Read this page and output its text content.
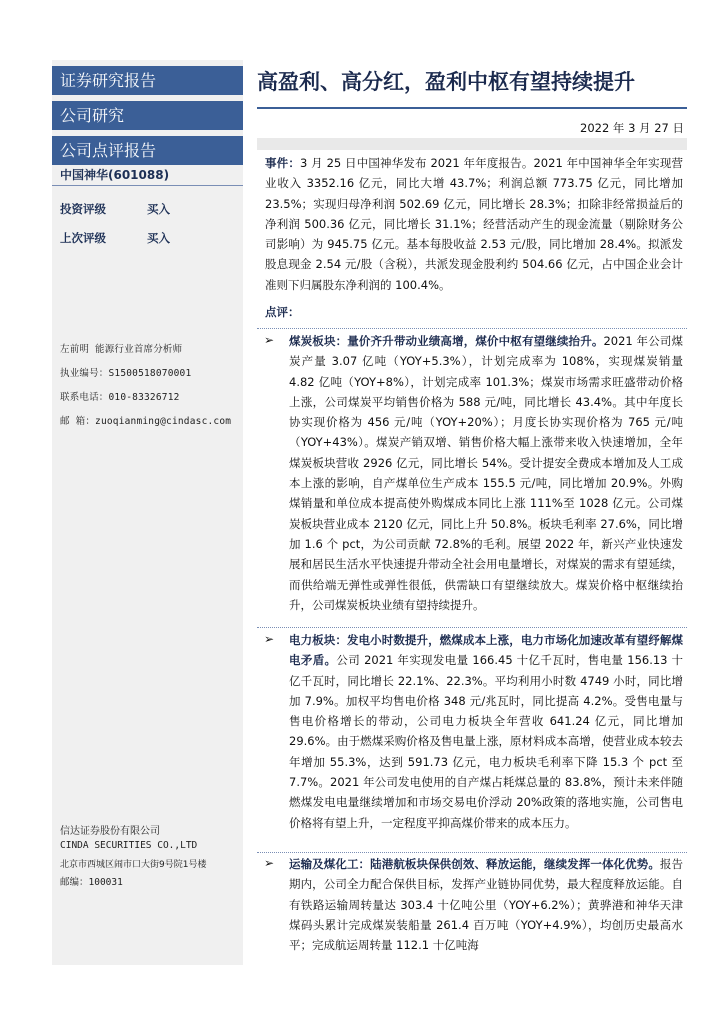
证券研究报告
公司研究
公司点评报告
中国神华(601088)
投资评级	买入
上次评级	买入
左前明 能源行业首席分析师
执业编号：S1500518070001
联系电话：010-83326712
邮 箱：zuoqianming@cindasc.com
信达证券股份有限公司
CINDA SECURITIES CO.,LTD
北京市西城区闹市口大街9号院1号楼
邮编：100031
高盈利、高分红，盈利中枢有望持续提升
2022 年 3 月 27 日
事件：3 月 25 日中国神华发布 2021 年年度报告。2021 年中国神华全年实现营业收入 3352.16 亿元，同比大增 43.7%；利润总额 773.75 亿元，同比增加 23.5%；实现归母净利润 502.69 亿元，同比增长 28.3%；扣除非经常损益后的净利润 500.36 亿元，同比增长 31.1%；经营活动产生的现金流量（剔除财务公司影响）为 945.75 亿元。基本每股收益 2.53 元/股，同比增加 28.4%。拟派发股息现金 2.54 元/股（含税），共派发现金股利约 504.66 亿元，占中国企业会计准则下归属股东净利润的 100.4%。
点评：
➢ 煤炭板块：量价齐升带动业绩高增，煤价中枢有望继续抬升。2021 年公司煤炭产量 3.07 亿吨（YOY+5.3%），计划完成率为 108%，实现煤炭销量 4.82 亿吨（YOY+8%），计划完成率 101.3%；煤炭市场需求旺盛带动价格上涨，公司煤炭平均销售价格为 588 元/吨，同比增长 43.4%。其中年度长协实现价格为 456 元/吨（YOY+20%）；月度长协实现价格为 765 元/吨（YOY+43%）。煤炭产销双增、销售价格大幅上涨带来收入快速增加，全年煤炭板块营收 2926 亿元，同比增长 54%。受计提安全费成本增加及人工成本上涨的影响，自产煤单位生产成本 155.5 元/吨，同比增加 20.9%。外购煤销量和单位成本提高使外购煤成本同比上涨 111%至 1028 亿元。公司煤炭板块营业成本 2120 亿元，同比上升 50.8%。板块毛利率 27.6%，同比增加 1.6 个 pct，为公司贡献 72.8%的毛利。展望 2022 年，新兴产业快速发展和居民生活水平快速提升带动全社会用电量增长，对煤炭的需求有望延续，而供给端无弹性或弹性很低，供需缺口有望继续放大。煤炭价格中枢继续抬升，公司煤炭板块业绩有望持续提升。
➢ 电力板块：发电小时数提升，燃煤成本上涨，电力市场化加速改革有望纾解煤电矛盾。公司 2021 年实现发电量 166.45 十亿千瓦时，售电量 156.13 十亿千瓦时，同比增长 22.1%、22.3%。平均利用小时数 4749 小时，同比增加 7.9%。加权平均售电价格 348 元/兆瓦时，同比提高 4.2%。受售电量与售电价格增长的带动，公司电力板块全年营收 641.24 亿元，同比增加 29.6%。由于燃煤采购价格及售电量上涨，原材料成本高增，使营业成本较去年增加 55.3%，达到 591.73 亿元，电力板块毛利率下降 15.3 个 pct 至 7.7%。2021 年公司发电使用的自产煤占耗煤总量的 83.8%，预计未来伴随燃煤发电电量继续增加和市场交易电价浮动 20%政策的落地实施，公司售电价格将有望上升，一定程度平抑高煤价带来的成本压力。
➢ 运输及煤化工：陆港航板块保供创效、释放运能，继续发挥一体化优势。报告期内，公司全力配合保供目标，发挥产业链协同优势，最大程度释放运能。自有铁路运输周转量达 303.4 十亿吨公里（YOY+6.2%）；黄骅港和神华天津煤码头累计完成煤炭装船量 261.4 百万吨（YOY+4.9%），均创历史最高水平；完成航运周转量 112.1 十亿吨海
